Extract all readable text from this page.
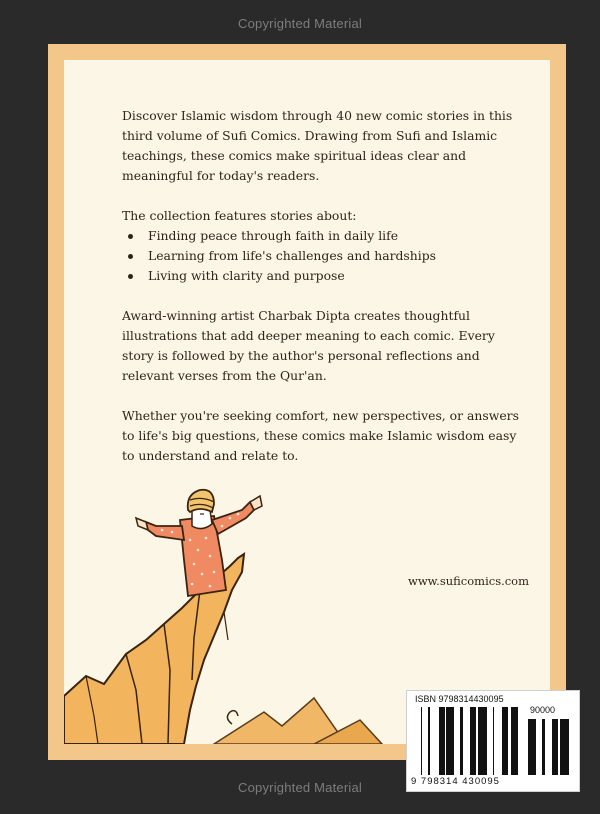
Copyrighted Material

Discover Islamic wisdom through 40 new comic stories in this third volume of Sufi Comics. Drawing from Sufi and Islamic teachings, these comics make spiritual ideas clear and meaningful for today's readers.

The collection features stories about:

Finding peace through faith in daily life
Learning from life's challenges and hardships
Living with clarity and purpose

Award-winning artist Charbak Dipta creates thoughtful illustrations that add deeper meaning to each comic. Every story is followed by the author's personal reflections and relevant verses from the Qur'an.

Whether you're seeking comfort, new perspectives, or answers to life's big questions, these comics make Islamic wisdom easy to understand and relate to.

www.suficomics.com
ISBN 9798314430095
90000
9 798314 430095
Copyrighted Material
